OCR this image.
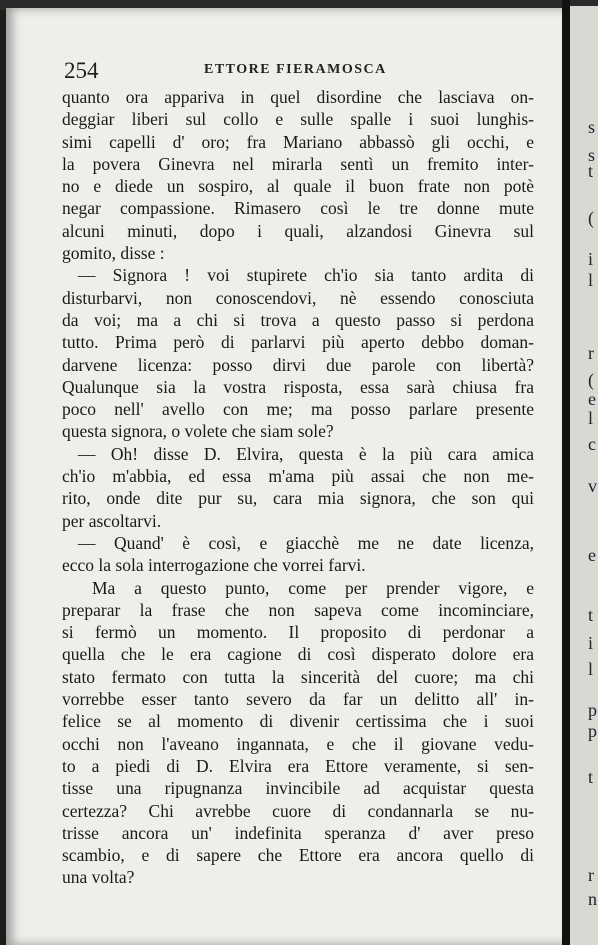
254	ETTORE FIERAMOSCA
quanto ora appariva in quel disordine che lasciava on-
deggiar liberi sul collo e sulle spalle i suoi lunghis-
simi capelli d' oro; fra Mariano abbassò gli occhi, e
la povera Ginevra nel mirarla sentì un fremito inter-
no e diede un sospiro, al quale il buon frate non potè
negar compassione. Rimasero così le tre donne mute
alcuni minuti, dopo i quali, alzandosi Ginevra sul
gomito, disse :
— Signora ! voi stupirete ch'io sia tanto ardita di
disturbarvi, non conoscendovi, nè essendo conosciuta
da voi; ma a chi si trova a questo passo si perdona
tutto. Prima però di parlarvi più aperto debbo doman-
darvene licenza: posso dirvi due parole con libertà?
Qualunque sia la vostra risposta, essa sarà chiusa fra
poco nell' avello con me; ma posso parlare presente
questa signora, o volete che siam sole?
— Oh! disse D. Elvira, questa è la più cara amica
ch'io m'abbia, ed essa m'ama più assai che non me-
rito, onde dite pur su, cara mia signora, che son qui
per ascoltarvi.
— Quand' è così, e giacchè me ne date licenza,
ecco la sola interrogazione che vorrei farvi.
Ma a questo punto, come per prender vigore, e
preparar la frase che non sapeva come incominciare,
si fermò un momento. Il proposito di perdonar a
quella che le era cagione di così disperato dolore era
stato fermato con tutta la sincerità del cuore; ma chi
vorrebbe esser tanto severo da far un delitto all' in-
felice se al momento di divenir certissima che i suoi
occhi non l'aveano ingannata, e che il giovane vedu-
to a piedi di D. Elvira era Ettore veramente, si sen-
tisse una ripugnanza invincibile ad acquistar questa
certezza? Chi avrebbe cuore di condannarla se nu-
trisse ancora un' indefinita speranza d' aver preso
scambio, e di sapere che Ettore era ancora quello di
una volta?
s
s
t
(
i
l
r
(
e
l
c
v
e
t
i
l
p
p
t
r
n
